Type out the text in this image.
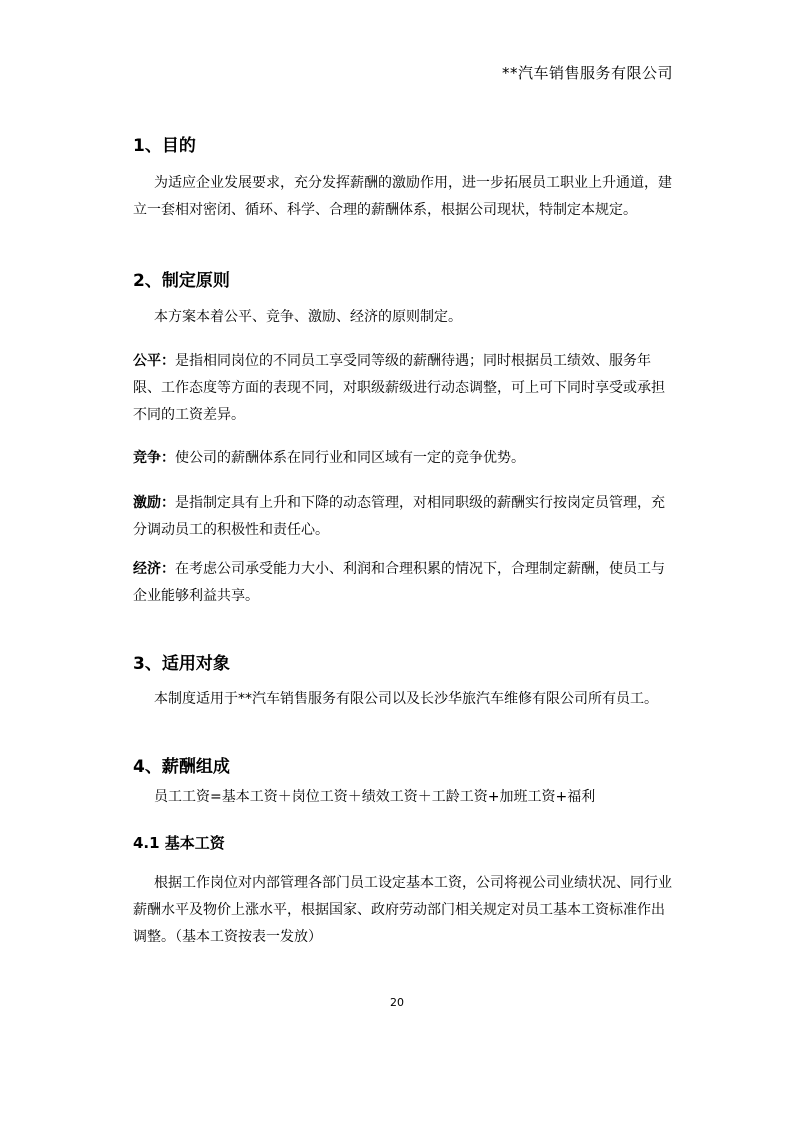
**汽车销售服务有限公司
1、目的

为适应企业发展要求，充分发挥薪酬的激励作用，进一步拓展员工职业上升通道，建立一套相对密闭、循环、科学、合理的薪酬体系，根据公司现状，特制定本规定。

2、制定原则

本方案本着公平、竞争、激励、经济的原则制定。

公平：是指相同岗位的不同员工享受同等级的薪酬待遇；同时根据员工绩效、服务年限、工作态度等方面的表现不同，对职级薪级进行动态调整，可上可下同时享受或承担不同的工资差异。

竞争：使公司的薪酬体系在同行业和同区域有一定的竞争优势。

激励：是指制定具有上升和下降的动态管理，对相同职级的薪酬实行按岗定员管理，充分调动员工的积极性和责任心。

经济：在考虑公司承受能力大小、利润和合理积累的情况下，合理制定薪酬，使员工与企业能够利益共享。

3、适用对象

本制度适用于**汽车销售服务有限公司以及长沙华旅汽车维修有限公司所有员工。

4、薪酬组成

员工工资=基本工资＋岗位工资＋绩效工资＋工龄工资+加班工资+福利

4.1 基本工资

根据工作岗位对内部管理各部门员工设定基本工资，公司将视公司业绩状况、同行业薪酬水平及物价上涨水平，根据国家、政府劳动部门相关规定对员工基本工资标准作出调整。（基本工资按表一发放）

20
